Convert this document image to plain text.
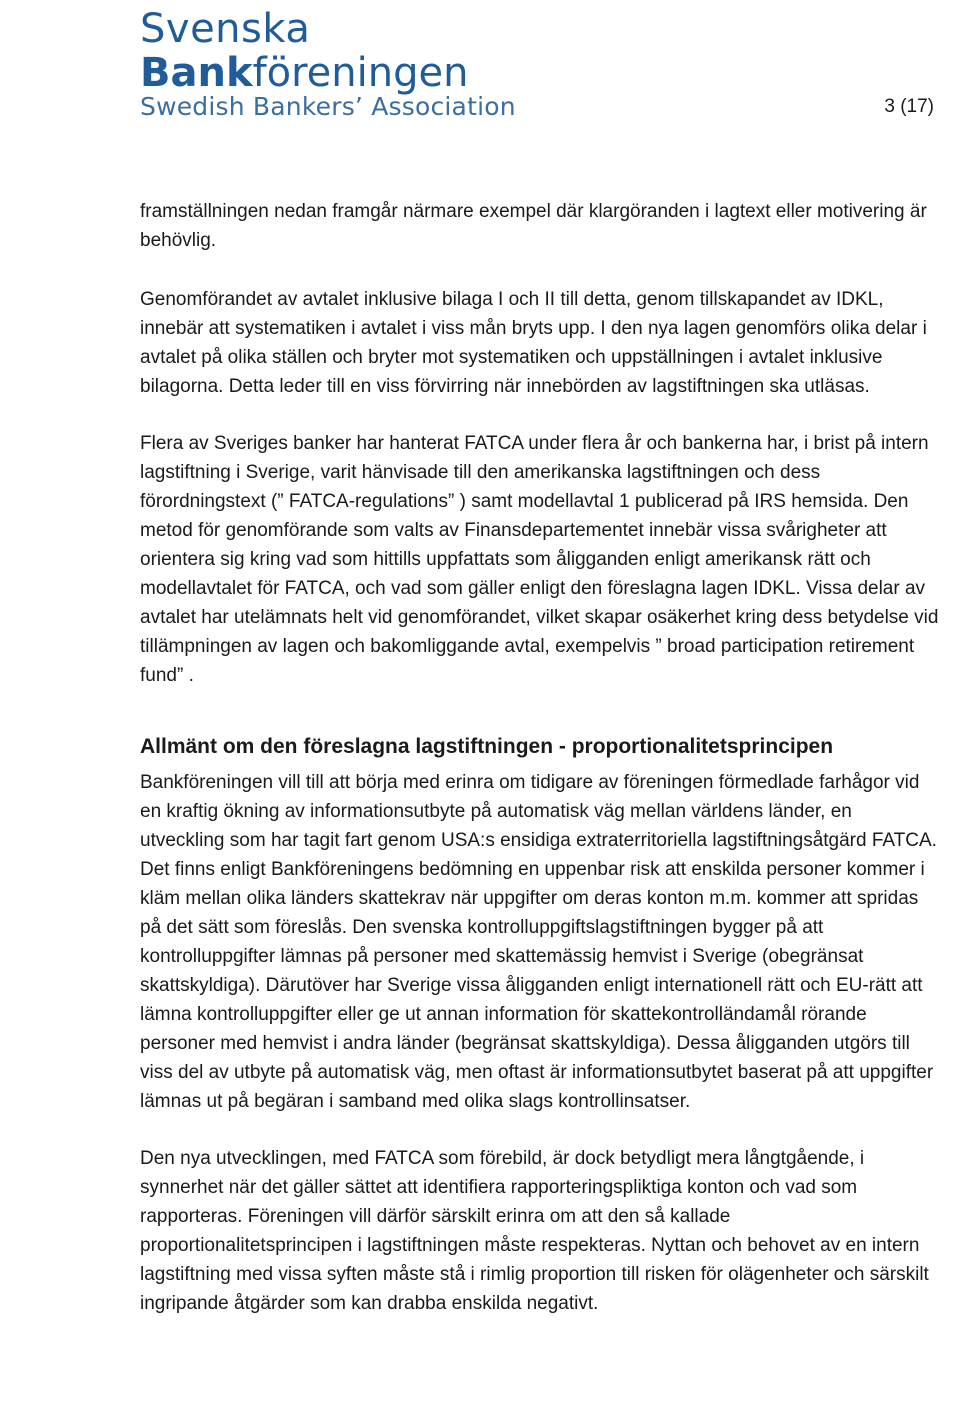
Svenska
Bankföreningen
Swedish Bankers’ Association	3 (17)

framställningen nedan framgår närmare exempel där klargöranden i lagtext eller motivering är behövlig.

Genomförandet av avtalet inklusive bilaga I och II till detta, genom tillskapandet av IDKL, innebär att systematiken i avtalet i viss mån bryts upp. I den nya lagen genomförs olika delar i avtalet på olika ställen och bryter mot systematiken och uppställningen i avtalet inklusive bilagorna. Detta leder till en viss förvirring när innebörden av lagstiftningen ska utläsas.

Flera av Sveriges banker har hanterat FATCA under flera år och bankerna har, i brist på intern lagstiftning i Sverige, varit hänvisade till den amerikanska lagstiftningen och dess förordningstext (” FATCA-regulations” ) samt modellavtal 1 publicerad på IRS hemsida. Den metod för genomförande som valts av Finansdepartementet innebär vissa svårigheter att orientera sig kring vad som hittills uppfattats som åligganden enligt amerikansk rätt och modellavtalet för FATCA, och vad som gäller enligt den föreslagna lagen IDKL. Vissa delar av avtalet har utelämnats helt vid genomförandet, vilket skapar osäkerhet kring dess betydelse vid tillämpningen av lagen och bakomliggande avtal, exempelvis ” broad participation retirement fund” .

Allmänt om den föreslagna lagstiftningen - proportionalitetsprincipen

Bankföreningen vill till att börja med erinra om tidigare av föreningen förmedlade farhågor vid en kraftig ökning av informationsutbyte på automatisk väg mellan världens länder, en utveckling som har tagit fart genom USA:s ensidiga extraterritoriella lagstiftningsåtgärd FATCA. Det finns enligt Bankföreningens bedömning en uppenbar risk att enskilda personer kommer i kläm mellan olika länders skattekrav när uppgifter om deras konton m.m. kommer att spridas på det sätt som föreslås. Den svenska kontrolluppgiftslagstiftningen bygger på att kontrolluppgifter lämnas på personer med skattemässig hemvist i Sverige (obegränsat skattskyldiga). Därutöver har Sverige vissa åligganden enligt internationell rätt och EU-rätt att lämna kontrolluppgifter eller ge ut annan information för skattekontrolländamål rörande personer med hemvist i andra länder (begränsat skattskyldiga). Dessa åligganden utgörs till viss del av utbyte på automatisk väg, men oftast är informationsutbytet baserat på att uppgifter lämnas ut på begäran i samband med olika slags kontrollinsatser.

Den nya utvecklingen, med FATCA som förebild, är dock betydligt mera långtgående, i synnerhet när det gäller sättet att identifiera rapporteringspliktiga konton och vad som rapporteras. Föreningen vill därför särskilt erinra om att den så kallade proportionalitetsprincipen i lagstiftningen måste respekteras. Nyttan och behovet av en intern lagstiftning med vissa syften måste stå i rimlig proportion till risken för olägenheter och särskilt ingripande åtgärder som kan drabba enskilda negativt.
